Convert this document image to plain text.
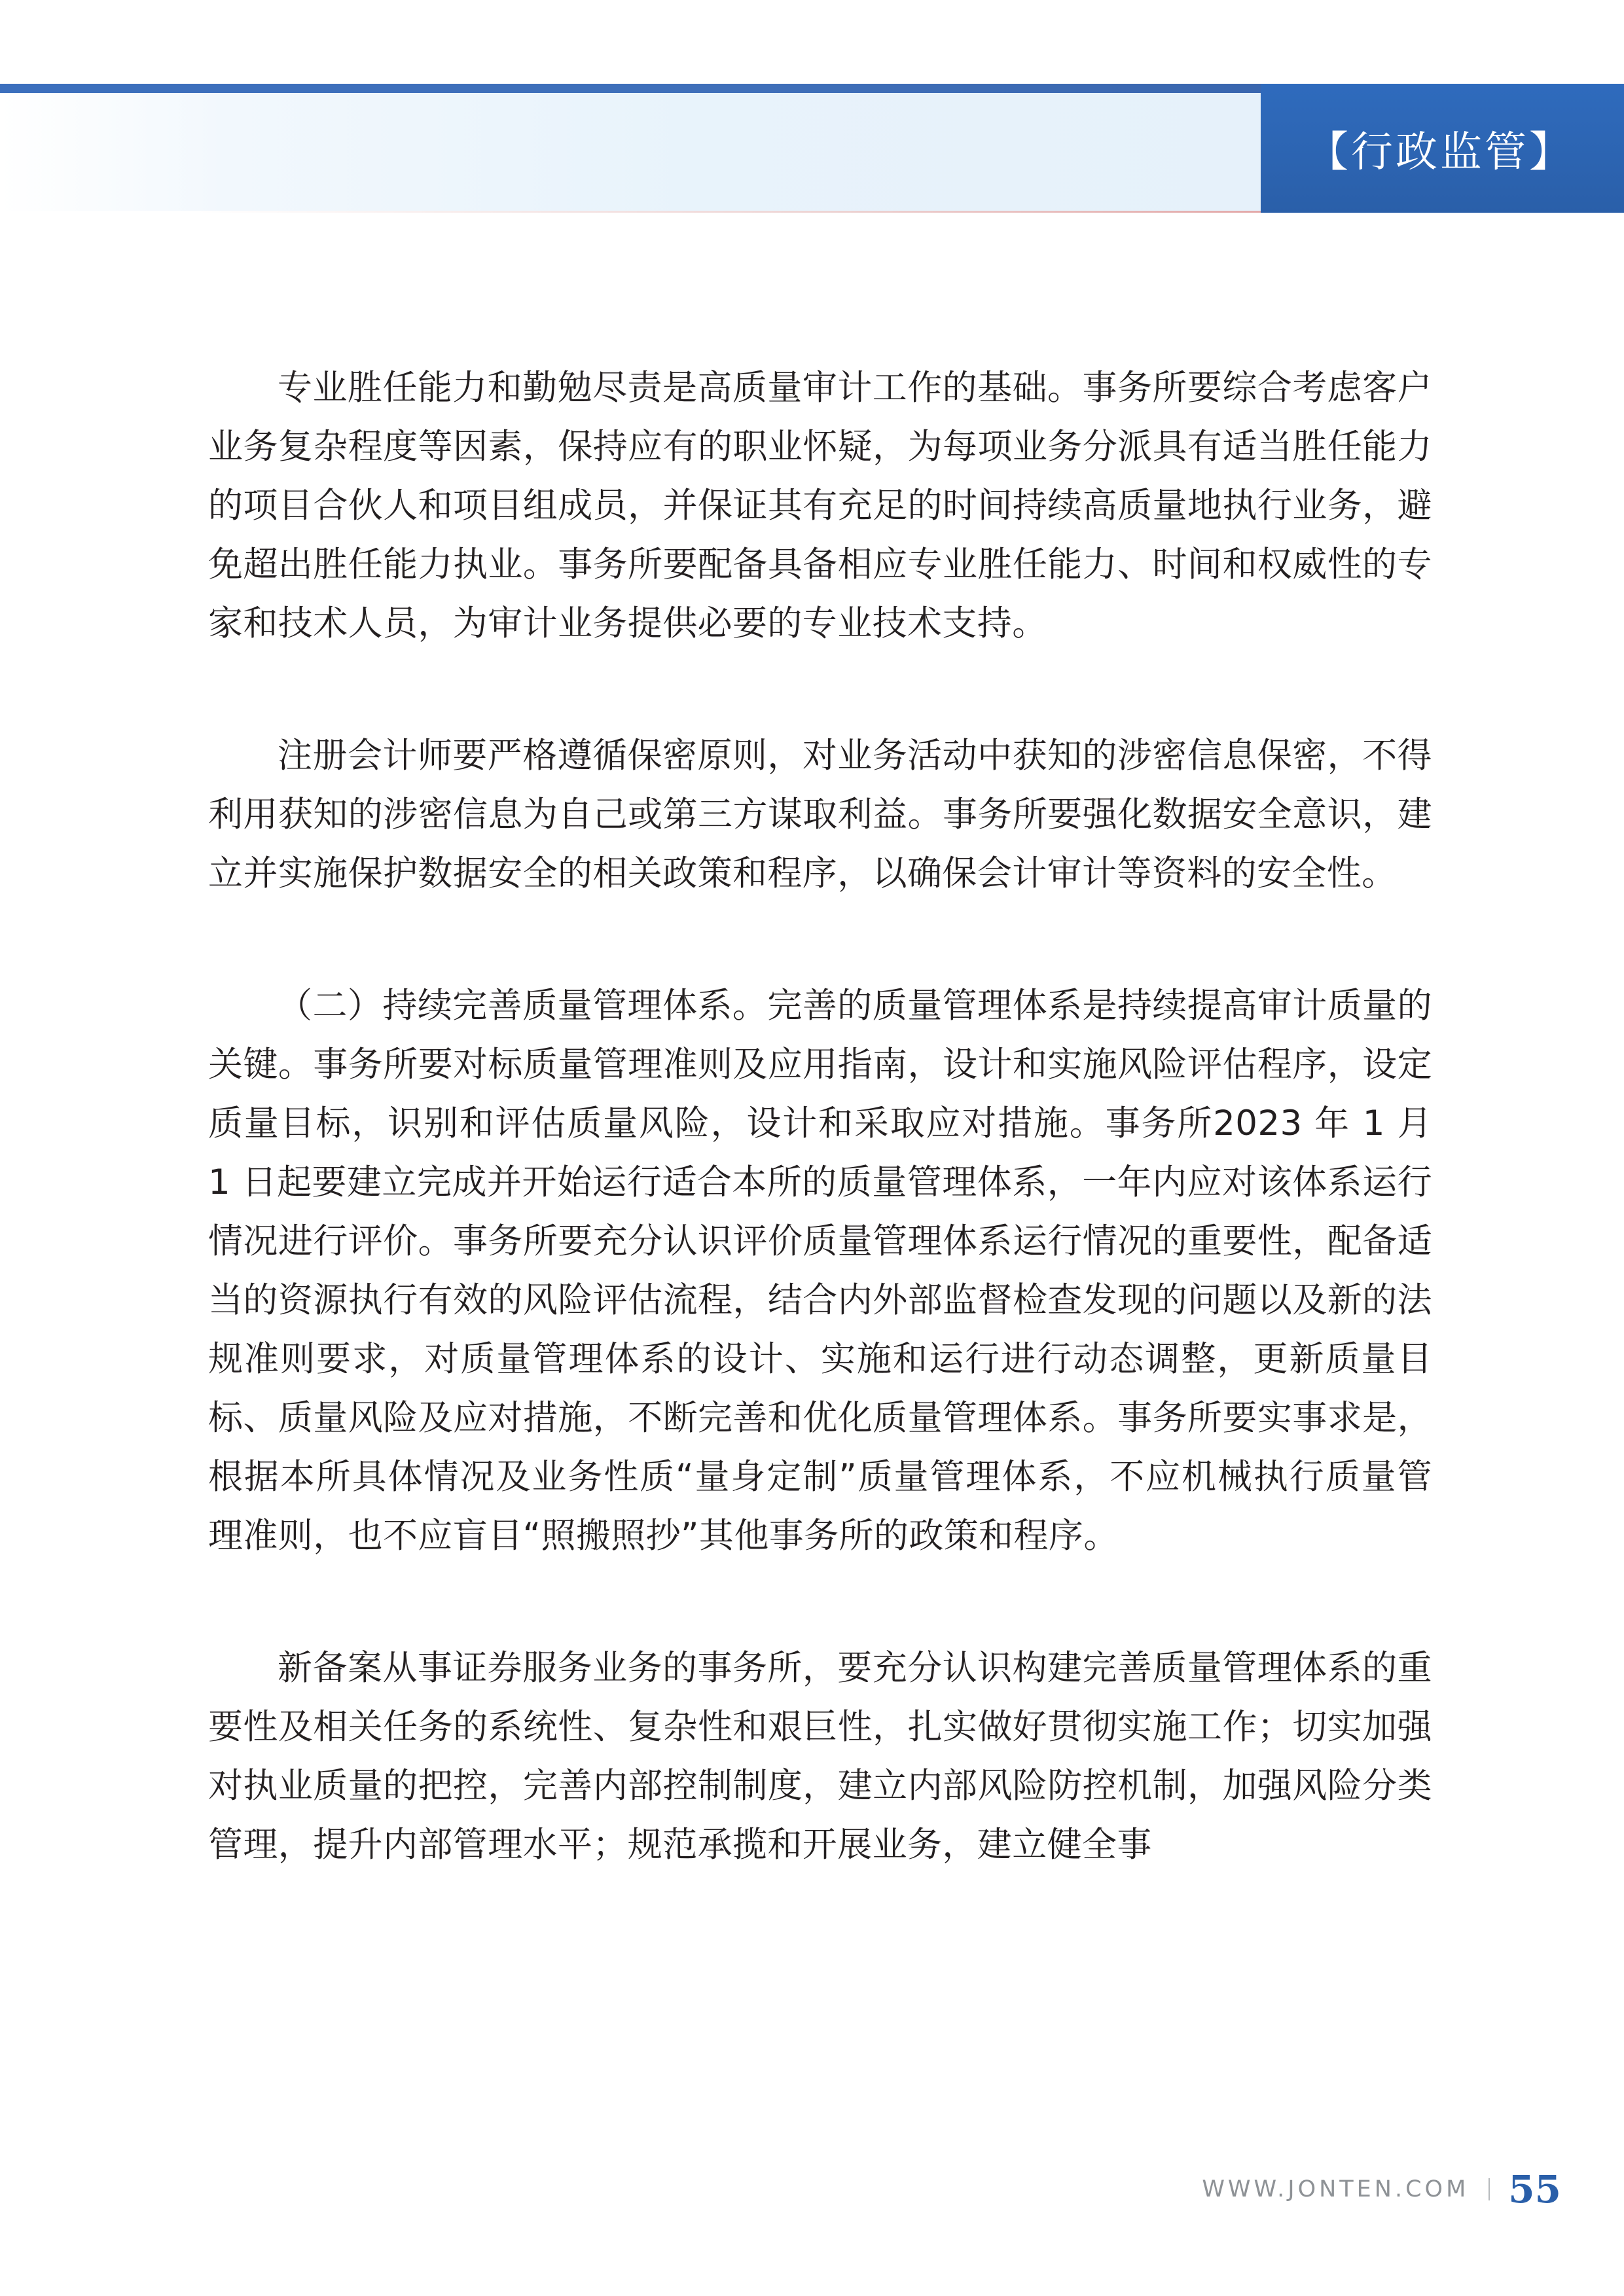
【行政监管】

专业胜任能力和勤勉尽责是高质量审计工作的基础。事务所要综合考虑客户业务复杂程度等因素，保持应有的职业怀疑，为每项业务分派具有适当胜任能力的项目合伙人和项目组成员，并保证其有充足的时间持续高质量地执行业务，避免超出胜任能力执业。事务所要配备具备相应专业胜任能力、时间和权威性的专家和技术人员，为审计业务提供必要的专业技术支持。

注册会计师要严格遵循保密原则，对业务活动中获知的涉密信息保密，不得利用获知的涉密信息为自己或第三方谋取利益。事务所要强化数据安全意识，建立并实施保护数据安全的相关政策和程序，以确保会计审计等资料的安全性。

（二）持续完善质量管理体系。完善的质量管理体系是持续提高审计质量的关键。事务所要对标质量管理准则及应用指南，设计和实施风险评估程序，设定质量目标，识别和评估质量风险，设计和采取应对措施。事务所2023 年 1 月 1 日起要建立完成并开始运行适合本所的质量管理体系，一年内应对该体系运行情况进行评价。事务所要充分认识评价质量管理体系运行情况的重要性，配备适当的资源执行有效的风险评估流程，结合内外部监督检查发现的问题以及新的法规准则要求，对质量管理体系的设计、实施和运行进行动态调整，更新质量目标、质量风险及应对措施，不断完善和优化质量管理体系。事务所要实事求是，根据本所具体情况及业务性质“量身定制”质量管理体系，不应机械执行质量管理准则，也不应盲目“照搬照抄”其他事务所的政策和程序。

新备案从事证券服务业务的事务所，要充分认识构建完善质量管理体系的重要性及相关任务的系统性、复杂性和艰巨性，扎实做好贯彻实施工作；切实加强对执业质量的把控，完善内部控制制度，建立内部风险防控机制，加强风险分类管理，提升内部管理水平；规范承揽和开展业务，建立健全事

WWW.JONTEN.COM 55
